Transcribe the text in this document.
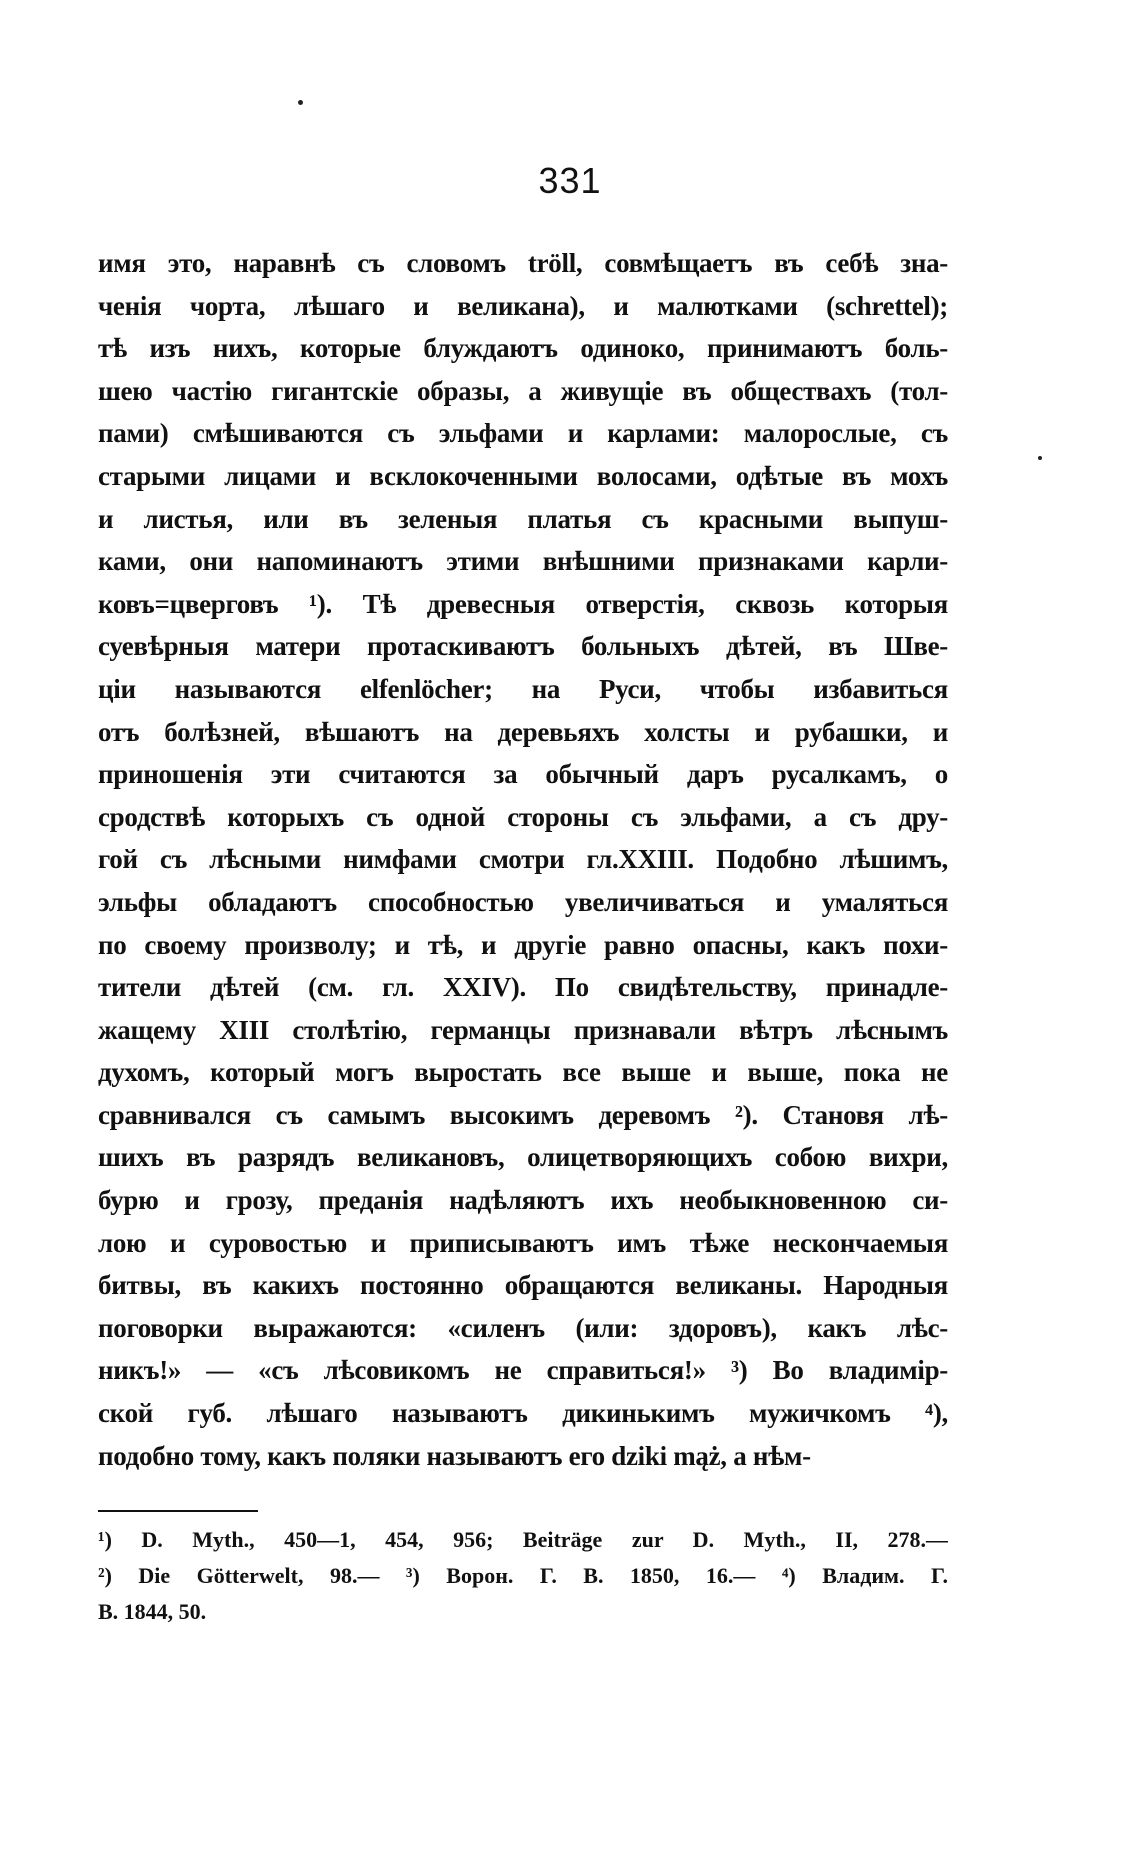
331
имя это, наравнѣ съ словомъ trӧll, совмѣщаетъ въ себѣ зна-
ченія чорта, лѣшаго и великана), и малютками (schrettel);
тѣ изъ нихъ, которые блуждаютъ одиноко, принимаютъ боль-
шею частію гигантскіе образы, а живущіе въ обществахъ (тол-
пами) смѣшиваются съ эльфами и карлами: малорослые, съ
старыми лицами и всклокоченными волосами, одѣтые въ мохъ
и листья, или въ зеленыя платья съ красными выпуш-
ками, они напоминаютъ этими внѣшними признаками карли-
ковъ=цверговъ ¹). Тѣ древесныя отверстія, сквозь которыя
суевѣрныя матери протаскиваютъ больныхъ дѣтей, въ Шве-
ціи называются elfenlӧcher; на Руси, чтобы избавиться
отъ болѣзней, вѣшаютъ на деревьяхъ холсты и рубашки, и
приношенія эти считаются за обычный даръ русалкамъ, о
сродствѣ которыхъ съ одной стороны съ эльфами, а съ дру-
гой съ лѣсными нимфами смотри гл.XXIII. Подобно лѣшимъ,
эльфы обладаютъ способностью увеличиваться и умаляться
по своему произволу; и тѣ, и другіе равно опасны, какъ похи-
тители дѣтей (см. гл. XXIV). По свидѣтельству, принадле-
жащему XIII столѣтію, германцы признавали вѣтръ лѣснымъ
духомъ, который могъ выростать все выше и выше, пока не
сравнивался съ самымъ высокимъ деревомъ ²). Становя лѣ-
шихъ въ разрядъ великановъ, олицетворяющихъ собою вихри,
бурю и грозу, преданія надѣляютъ ихъ необыкновенною си-
лою и суровостью и приписываютъ имъ тѣже нескончаемыя
битвы, въ какихъ постоянно обращаются великаны. Народныя
поговорки выражаются: «силенъ (или: здоровъ), какъ лѣс-
никъ!» — «съ лѣсовикомъ не справиться!» ³) Во владимір-
ской губ. лѣшаго называютъ дикинькимъ мужичкомъ ⁴),
подобно тому, какъ поляки называютъ его dziki mąż, а нѣм-
¹) D. Myth., 450—1, 454, 956; Beiträge zur D. Myth., II, 278.—
²) Die Gӧtterwelt, 98.— ³) Ворон. Г. В. 1850, 16.— ⁴) Владим. Г.
В. 1844, 50.
